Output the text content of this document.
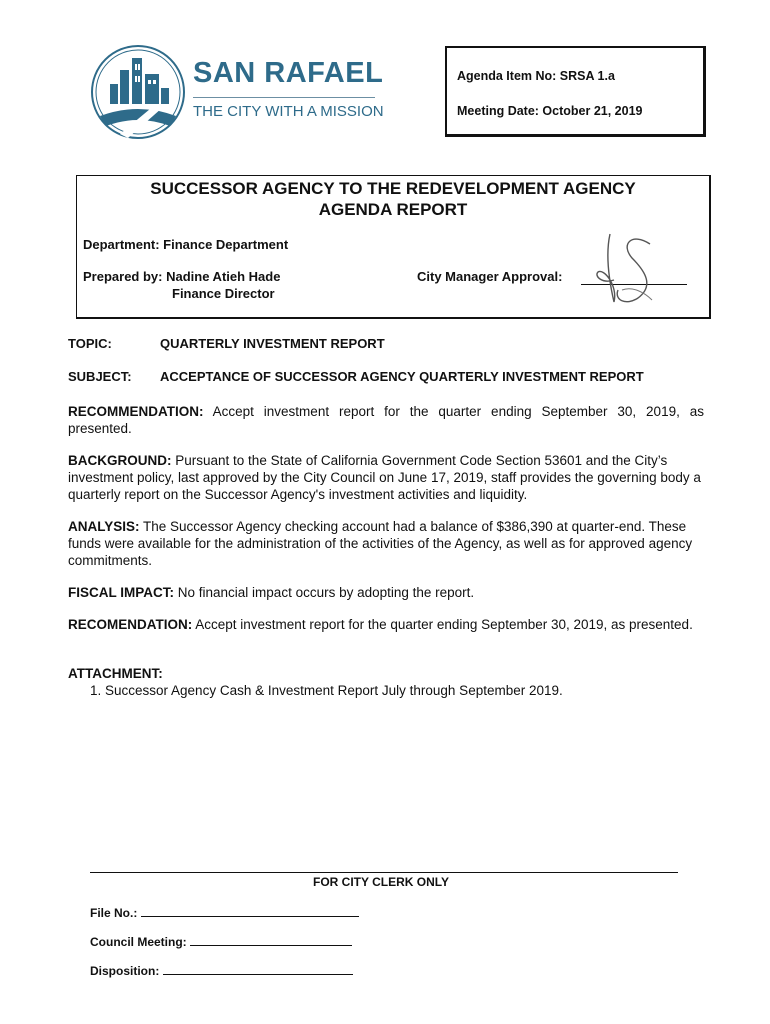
SAN RAFAEL
THE CITY WITH A MISSION
Agenda Item No: SRSA 1.a
Meeting Date: October 21, 2019
SUCCESSOR AGENCY TO THE REDEVELOPMENT AGENCY
AGENDA REPORT
Department: Finance Department
Prepared by: Nadine Atieh Hade
Finance Director
City Manager Approval:
TOPIC:	QUARTERLY INVESTMENT REPORT
SUBJECT: ACCEPTANCE OF SUCCESSOR AGENCY QUARTERLY INVESTMENT REPORT
RECOMMENDATION: Accept investment report for the quarter ending September 30, 2019, as presented.
BACKGROUND: Pursuant to the State of California Government Code Section 53601 and the City’s investment policy, last approved by the City Council on June 17, 2019, staff provides the governing body a quarterly report on the Successor Agency's investment activities and liquidity.
ANALYSIS: The Successor Agency checking account had a balance of $386,390 at quarter-end. These funds were available for the administration of the activities of the Agency, as well as for approved agency commitments.
FISCAL IMPACT: No financial impact occurs by adopting the report.
RECOMENDATION: Accept investment report for the quarter ending September 30, 2019, as presented.
ATTACHMENT:
1. Successor Agency Cash & Investment Report July through September 2019.
FOR CITY CLERK ONLY
File No.:
Council Meeting:
Disposition:
